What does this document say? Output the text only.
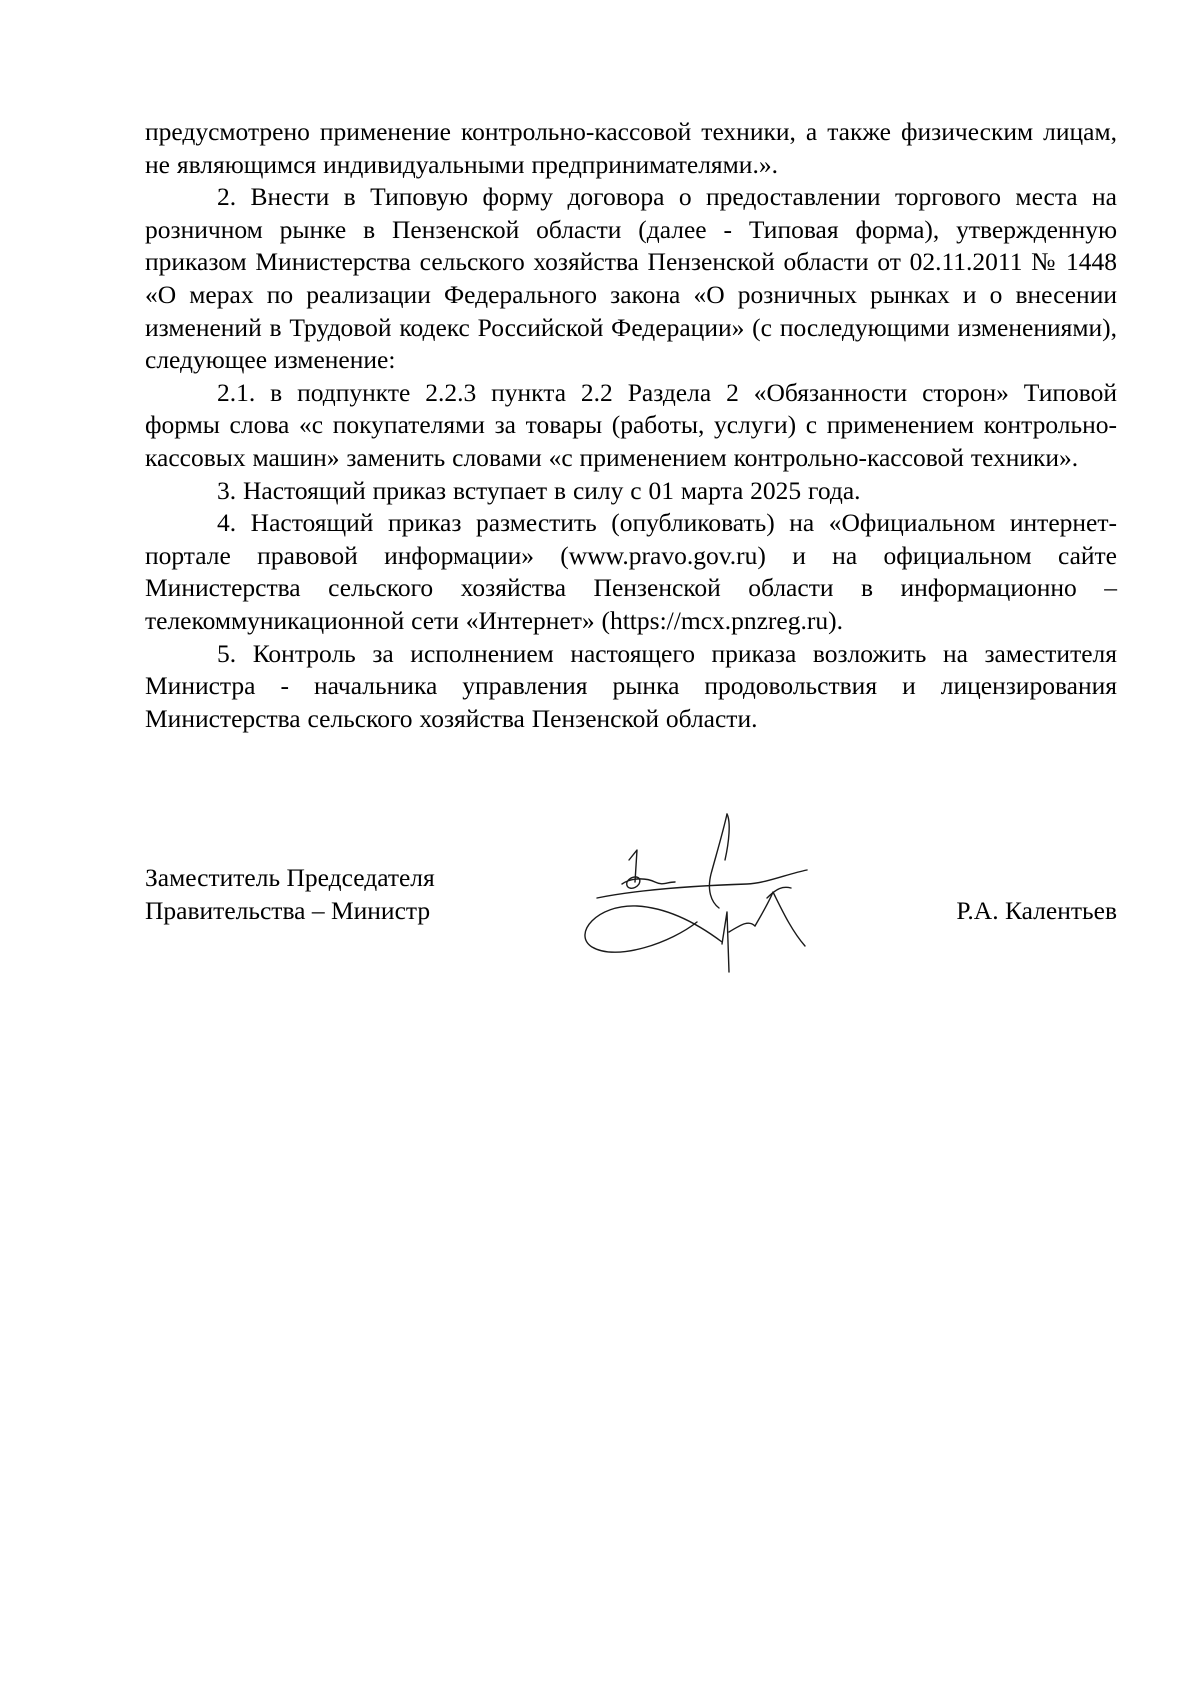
предусмотрено применение контрольно-кассовой техники, а также физическим лицам, не являющимся индивидуальными предпринимателями.».

2. Внести в Типовую форму договора о предоставлении торгового места на розничном рынке в Пензенской области (далее - Типовая форма), утвержденную приказом Министерства сельского хозяйства Пензенской области от 02.11.2011 № 1448 «О мерах по реализации Федерального закона «О розничных рынках и о внесении изменений в Трудовой кодекс Российской Федерации» (с последующими изменениями), следующее изменение:

2.1. в подпункте 2.2.3 пункта 2.2 Раздела 2 «Обязанности сторон» Типовой формы слова «с покупателями за товары (работы, услуги) с применением контрольно-кассовых машин» заменить словами «с применением контрольно-кассовой техники».

3. Настоящий приказ вступает в силу с 01 марта 2025 года.

4. Настоящий приказ разместить (опубликовать) на «Официальном интернет-портале правовой информации» (www.pravo.gov.ru) и на официальном сайте Министерства сельского хозяйства Пензенской области в информационно – телекоммуникационной сети «Интернет» (https://mcx.pnzreg.ru).

5. Контроль за исполнением настоящего приказа возложить на заместителя Министра - начальника управления рынка продовольствия и лицензирования Министерства сельского хозяйства Пензенской области.

Заместитель Председателя
Правительства – Министр	Р.А. Калентьев
